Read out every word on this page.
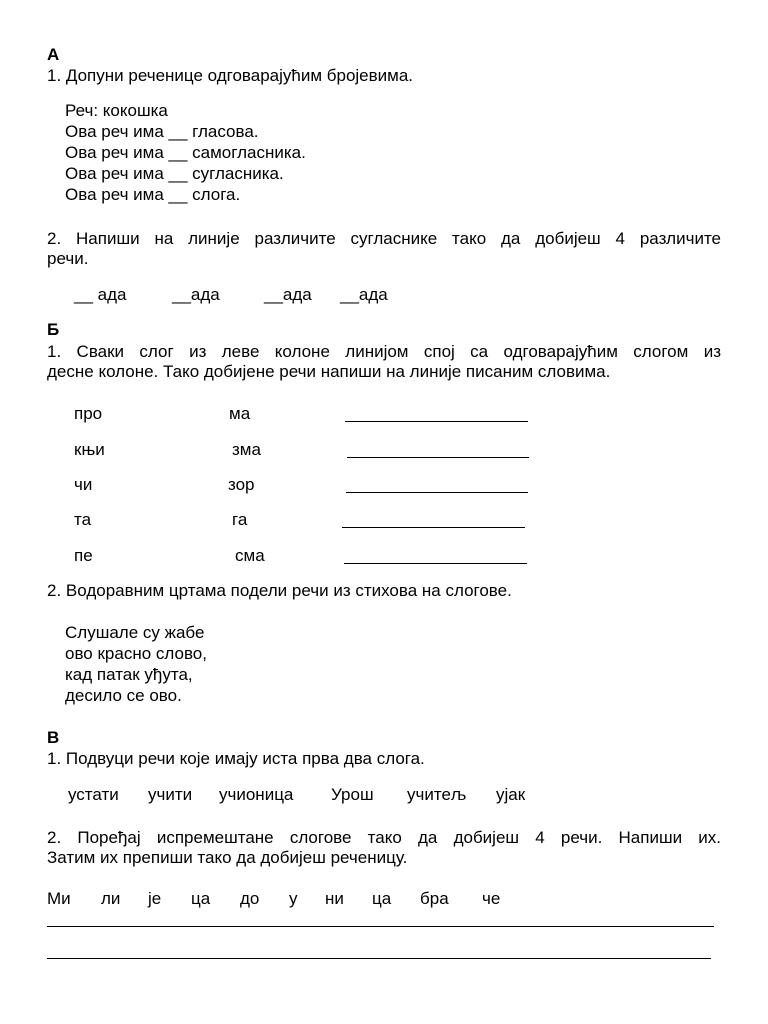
А
1. Допуни реченице одговарајућим бројевима.
Реч: кокошка
Ова реч има __ гласова.
Ова реч има __ самогласника.
Ова реч има __ сугласника.
Ова реч има __ слога.
2. Напиши на линије различите сугласнике тако да добијеш 4 различите
речи.
__ ада	__ада	__ада __ада
Б
1. Сваки слог из леве колоне линијом спој са одговарајућим слогом из
десне колоне. Тако добијене речи напиши на линије писаним словима.
про	ма
књи	зма
чи	зор
та	га
пе	сма
2. Водоравним цртама подели речи из стихова на слогове.
Слушале су жабе
ово красно слово,
кад патак уђута,
десило се ово.
В
1. Подвуци речи које имају иста прва два слога.
устати учити учионица Урош учитељ ујак
2. Поређај испремештане слогове тако да добијеш 4 речи. Напиши их.
Затим их препиши тако да добијеш реченицу.
Ми ли је ца до у ни ца бра че
